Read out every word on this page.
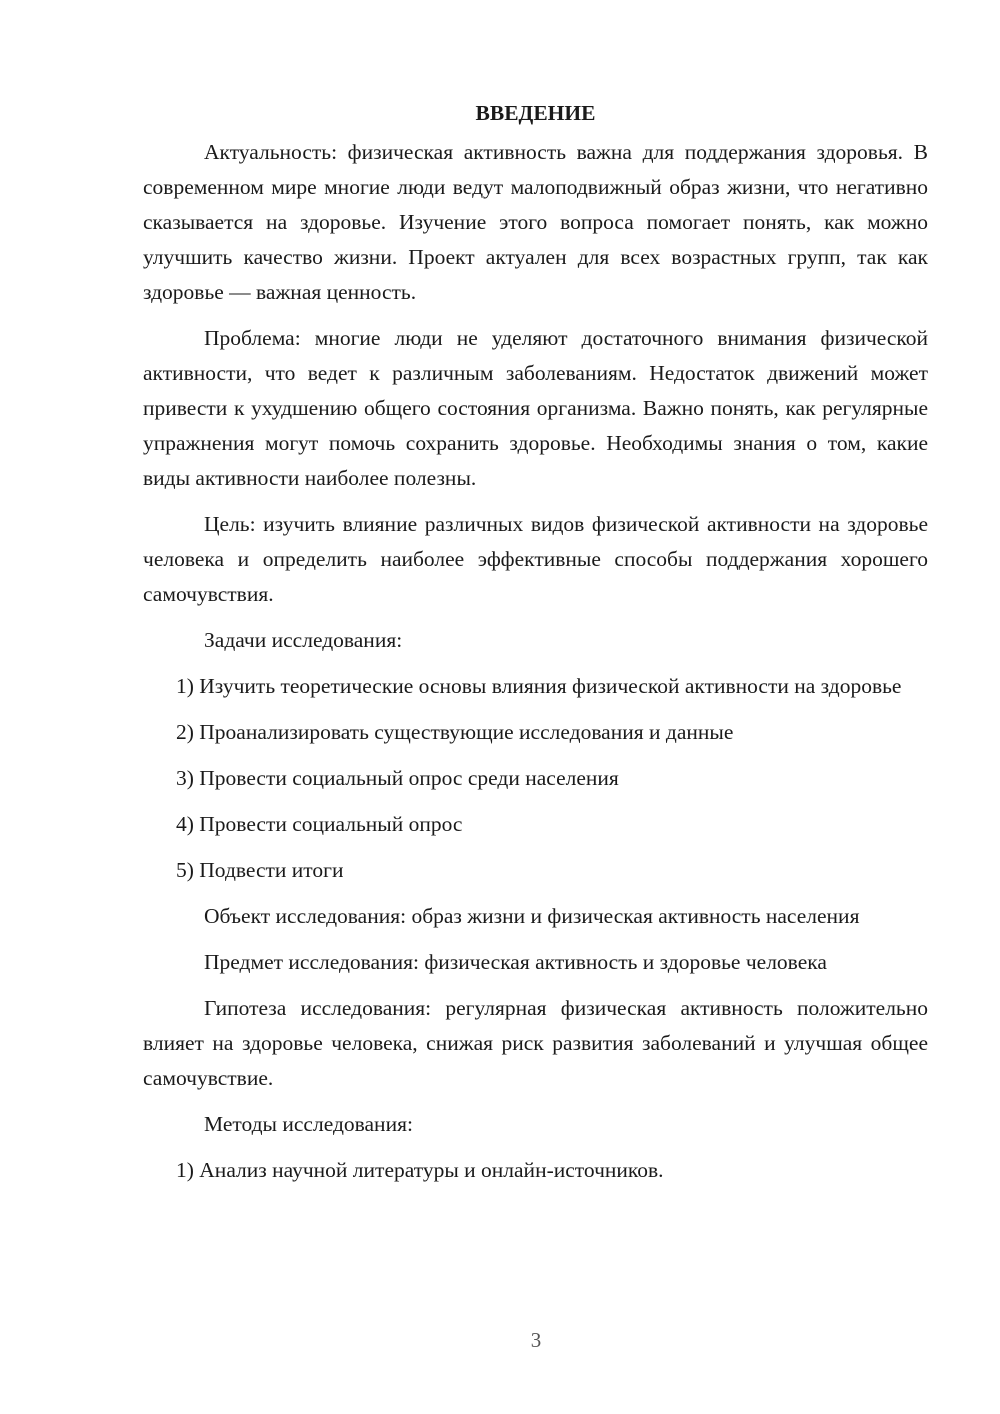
ВВЕДЕНИЕ

Актуальность: физическая активность важна для поддержания здоровья. В современном мире многие люди ведут малоподвижный образ жизни, что негативно сказывается на здоровье. Изучение этого вопроса помогает понять, как можно улучшить качество жизни. Проект актуален для всех возрастных групп, так как здоровье — важная ценность.

Проблема: многие люди не уделяют достаточного внимания физической активности, что ведет к различным заболеваниям. Недостаток движений может привести к ухудшению общего состояния организма. Важно понять, как регулярные упражнения могут помочь сохранить здоровье. Необходимы знания о том, какие виды активности наиболее полезны.

Цель: изучить влияние различных видов физической активности на здоровье человека и определить наиболее эффективные способы поддержания хорошего самочувствия.

Задачи исследования:

1) Изучить теоретические основы влияния физической активности на здоровье

2) Проанализировать существующие исследования и данные

3) Провести социальный опрос среди населения

4) Провести социальный опрос

5) Подвести итоги

Объект исследования: образ жизни и физическая активность населения

Предмет исследования: физическая активность и здоровье человека

Гипотеза исследования: регулярная физическая активность положительно влияет на здоровье человека, снижая риск развития заболеваний и улучшая общее самочувствие.

Методы исследования:

1) Анализ научной литературы и онлайн-источников.

3
